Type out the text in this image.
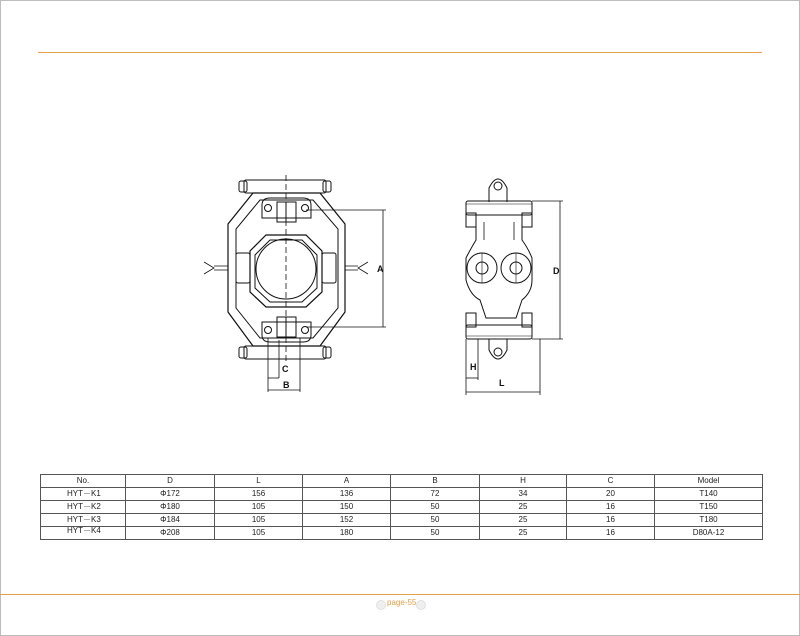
A
C
B
D
H
L
No.	D	L	A	B	H	C	Model
HYT－K1	Φ172	156	136	72	34	20	T140
HYT－K2	Φ180	105	150	50	25	16	T150
HYT－K3	Φ184	105	152	50	25	16	T180
HYT－K4	Φ208	105	180	50	25	16	D80A-12
page-55
